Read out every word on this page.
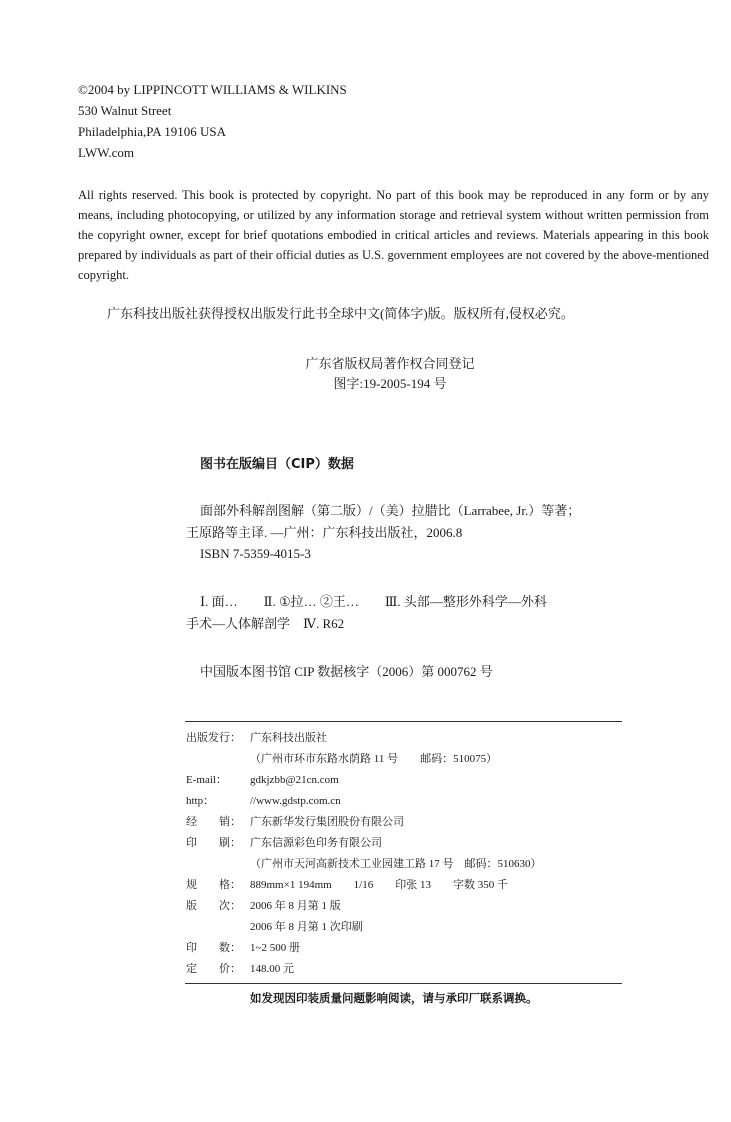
©2004 by LIPPINCOTT WILLIAMS & WILKINS
530 Walnut Street
Philadelphia,PA 19106 USA
LWW.com
All rights reserved. This book is protected by copyright. No part of this book may be reproduced in any form or by any means, including photocopying, or utilized by any information storage and retrieval system without written permission from the copyright owner, except for brief quotations embodied in critical articles and reviews. Materials appearing in this book prepared by individuals as part of their official duties as U.S. government employees are not covered by the above-mentioned copyright.
广东科技出版社获得授权出版发行此书全球中文(简体字)版。版权所有,侵权必究。
广东省版权局著作权合同登记
图字:19-2005-194 号
图书在版编目（CIP）数据
面部外科解剖图解（第二版）/（美）拉腊比（Larrabee, Jr.）等著；
王原路等主译. —广州：广东科技出版社，2006.8
ISBN 7-5359-4015-3
Ⅰ. 面…　　Ⅱ. ①拉… ②王…　　Ⅲ. 头部—整形外科学—外科
手术—人体解剖学　Ⅳ. R62
中国版本图书馆 CIP 数据核字（2006）第 000762 号
出版发行： 广东科技出版社
（广州市环市东路水荫路 11 号　　邮码：510075）
E-mail： gdkjzbb@21cn.com
http：	//www.gdstp.com.cn
经　　销： 广东新华发行集团股份有限公司
印　　刷： 广东信源彩色印务有限公司
（广州市天河高新技术工业园建工路 17 号　邮码：510630）
规　　格： 889mm×1 194mm　　1/16　　印张 13　　字数 350 千
版　　次： 2006 年 8 月第 1 版
2006 年 8 月第 1 次印刷
印　　数： 1~2 500 册
定　　价： 148.00 元
如发现因印装质量问题影响阅读，请与承印厂联系调换。
